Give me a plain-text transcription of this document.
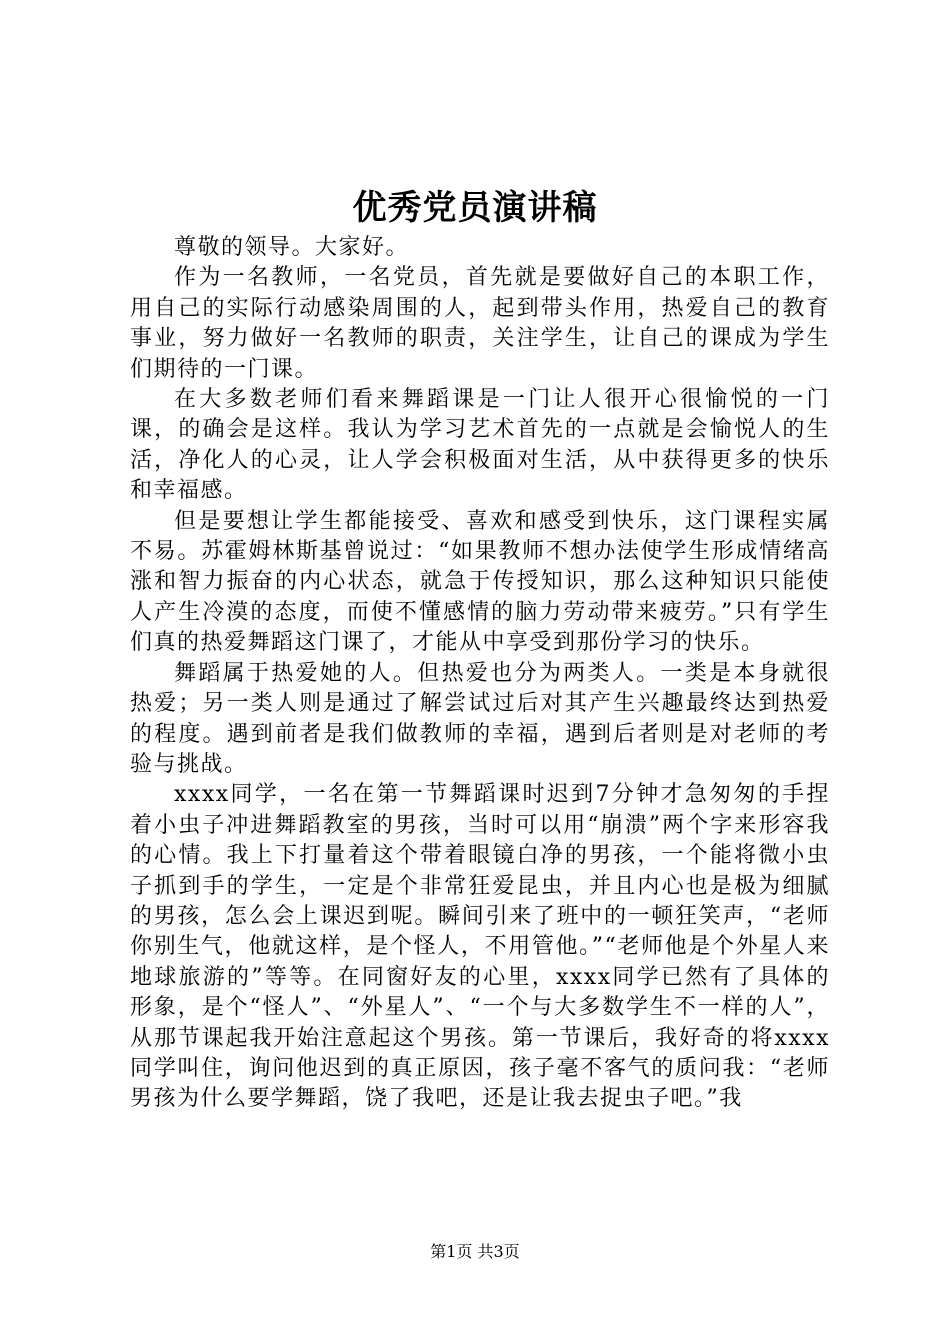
优秀党员演讲稿

尊敬的领导。大家好。

作为一名教师，一名党员，首先就是要做好自己的本职工作，用自己的实际行动感染周围的人，起到带头作用，热爱自己的教育事业，努力做好一名教师的职责，关注学生，让自己的课成为学生们期待的一门课。

在大多数老师们看来舞蹈课是一门让人很开心很愉悦的一门课，的确会是这样。我认为学习艺术首先的一点就是会愉悦人的生活，净化人的心灵，让人学会积极面对生活，从中获得更多的快乐和幸福感。

但是要想让学生都能接受、喜欢和感受到快乐，这门课程实属不易。苏霍姆林斯基曾说过：“如果教师不想办法使学生形成情绪高涨和智力振奋的内心状态，就急于传授知识，那么这种知识只能使人产生冷漠的态度，而使不懂感情的脑力劳动带来疲劳。”只有学生们真的热爱舞蹈这门课了，才能从中享受到那份学习的快乐。

舞蹈属于热爱她的人。但热爱也分为两类人。一类是本身就很热爱；另一类人则是通过了解尝试过后对其产生兴趣最终达到热爱的程度。遇到前者是我们做教师的幸福，遇到后者则是对老师的考验与挑战。

xxxx同学，一名在第一节舞蹈课时迟到7分钟才急匆匆的手捏着小虫子冲进舞蹈教室的男孩，当时可以用“崩溃”两个字来形容我的心情。我上下打量着这个带着眼镜白净的男孩，一个能将微小虫子抓到手的学生，一定是个非常狂爱昆虫，并且内心也是极为细腻的男孩，怎么会上课迟到呢。瞬间引来了班中的一顿狂笑声，“老师你别生气，他就这样，是个怪人，不用管他。”“老师他是个外星人来地球旅游的”等等。在同窗好友的心里，xxxx同学已然有了具体的形象，是个“怪人”、“外星人”、“一个与大多数学生不一样的人”，从那节课起我开始注意起这个男孩。第一节课后，我好奇的将xxxx同学叫住，询问他迟到的真正原因，孩子毫不客气的质问我：“老师男孩为什么要学舞蹈，饶了我吧，还是让我去捉虫子吧。”我

第1页 共3页
